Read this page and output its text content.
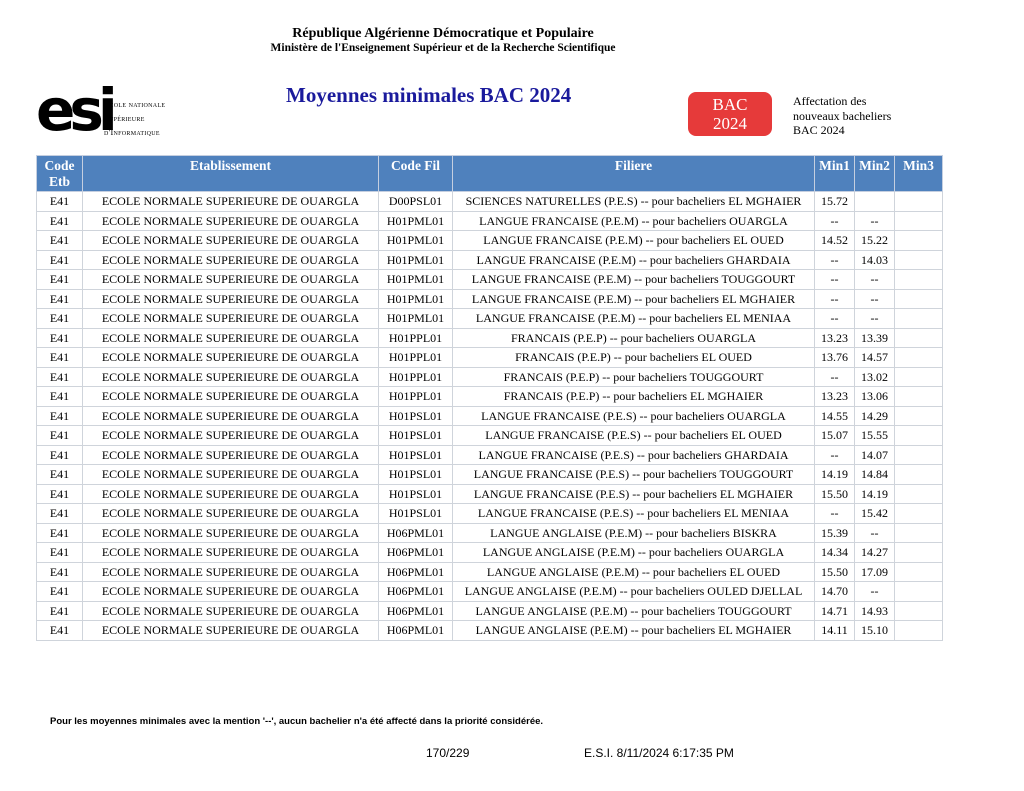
République Algérienne Démocratique et Populaire
Ministère de l'Enseignement Supérieur et de la Recherche Scientifique
esi
École nationale
Supérieure
d'Informatique
Moyennes minimales BAC 2024	BAC
2024
Affectation des
nouveaux bacheliers
BAC 2024
Code Etb	Etablissement	Code Fil	Filiere	Min1	Min2	Min3
E41	ECOLE NORMALE SUPERIEURE DE OUARGLA	D00PSL01	SCIENCES NATURELLES (P.E.S) -- pour bacheliers EL MGHAIER	15.72		
E41	ECOLE NORMALE SUPERIEURE DE OUARGLA	H01PML01	LANGUE FRANCAISE (P.E.M) -- pour bacheliers OUARGLA	--	--	
E41	ECOLE NORMALE SUPERIEURE DE OUARGLA	H01PML01	LANGUE FRANCAISE (P.E.M) -- pour bacheliers EL OUED	14.52	15.22	
E41	ECOLE NORMALE SUPERIEURE DE OUARGLA	H01PML01	LANGUE FRANCAISE (P.E.M) -- pour bacheliers GHARDAIA	--	14.03	
E41	ECOLE NORMALE SUPERIEURE DE OUARGLA	H01PML01	LANGUE FRANCAISE (P.E.M) -- pour bacheliers TOUGGOURT	--	--	
E41	ECOLE NORMALE SUPERIEURE DE OUARGLA	H01PML01	LANGUE FRANCAISE (P.E.M) -- pour bacheliers EL MGHAIER	--	--	
E41	ECOLE NORMALE SUPERIEURE DE OUARGLA	H01PML01	LANGUE FRANCAISE (P.E.M) -- pour bacheliers EL MENIAA	--	--	
E41	ECOLE NORMALE SUPERIEURE DE OUARGLA	H01PPL01	FRANCAIS (P.E.P) -- pour bacheliers OUARGLA	13.23	13.39	
E41	ECOLE NORMALE SUPERIEURE DE OUARGLA	H01PPL01	FRANCAIS (P.E.P) -- pour bacheliers EL OUED	13.76	14.57	
E41	ECOLE NORMALE SUPERIEURE DE OUARGLA	H01PPL01	FRANCAIS (P.E.P) -- pour bacheliers TOUGGOURT	--	13.02	
E41	ECOLE NORMALE SUPERIEURE DE OUARGLA	H01PPL01	FRANCAIS (P.E.P) -- pour bacheliers EL MGHAIER	13.23	13.06	
E41	ECOLE NORMALE SUPERIEURE DE OUARGLA	H01PSL01	LANGUE FRANCAISE (P.E.S) -- pour bacheliers OUARGLA	14.55	14.29	
E41	ECOLE NORMALE SUPERIEURE DE OUARGLA	H01PSL01	LANGUE FRANCAISE (P.E.S) -- pour bacheliers EL OUED	15.07	15.55	
E41	ECOLE NORMALE SUPERIEURE DE OUARGLA	H01PSL01	LANGUE FRANCAISE (P.E.S) -- pour bacheliers GHARDAIA	--	14.07	
E41	ECOLE NORMALE SUPERIEURE DE OUARGLA	H01PSL01	LANGUE FRANCAISE (P.E.S) -- pour bacheliers TOUGGOURT	14.19	14.84	
E41	ECOLE NORMALE SUPERIEURE DE OUARGLA	H01PSL01	LANGUE FRANCAISE (P.E.S) -- pour bacheliers EL MGHAIER	15.50	14.19	
E41	ECOLE NORMALE SUPERIEURE DE OUARGLA	H01PSL01	LANGUE FRANCAISE (P.E.S) -- pour bacheliers EL MENIAA	--	15.42	
E41	ECOLE NORMALE SUPERIEURE DE OUARGLA	H06PML01	LANGUE ANGLAISE (P.E.M) -- pour bacheliers BISKRA	15.39	--	
E41	ECOLE NORMALE SUPERIEURE DE OUARGLA	H06PML01	LANGUE ANGLAISE (P.E.M) -- pour bacheliers OUARGLA	14.34	14.27	
E41	ECOLE NORMALE SUPERIEURE DE OUARGLA	H06PML01	LANGUE ANGLAISE (P.E.M) -- pour bacheliers EL OUED	15.50	17.09	
E41	ECOLE NORMALE SUPERIEURE DE OUARGLA	H06PML01	LANGUE ANGLAISE (P.E.M) -- pour bacheliers OULED DJELLAL	14.70	--	
E41	ECOLE NORMALE SUPERIEURE DE OUARGLA	H06PML01	LANGUE ANGLAISE (P.E.M) -- pour bacheliers TOUGGOURT	14.71	14.93	
E41	ECOLE NORMALE SUPERIEURE DE OUARGLA	H06PML01	LANGUE ANGLAISE (P.E.M) -- pour bacheliers EL MGHAIER	14.11	15.10	
Pour les moyennes minimales avec la mention '--', aucun bachelier n'a été affecté dans la priorité considérée.
170/229	E.S.I. 8/11/2024 6:17:35 PM
